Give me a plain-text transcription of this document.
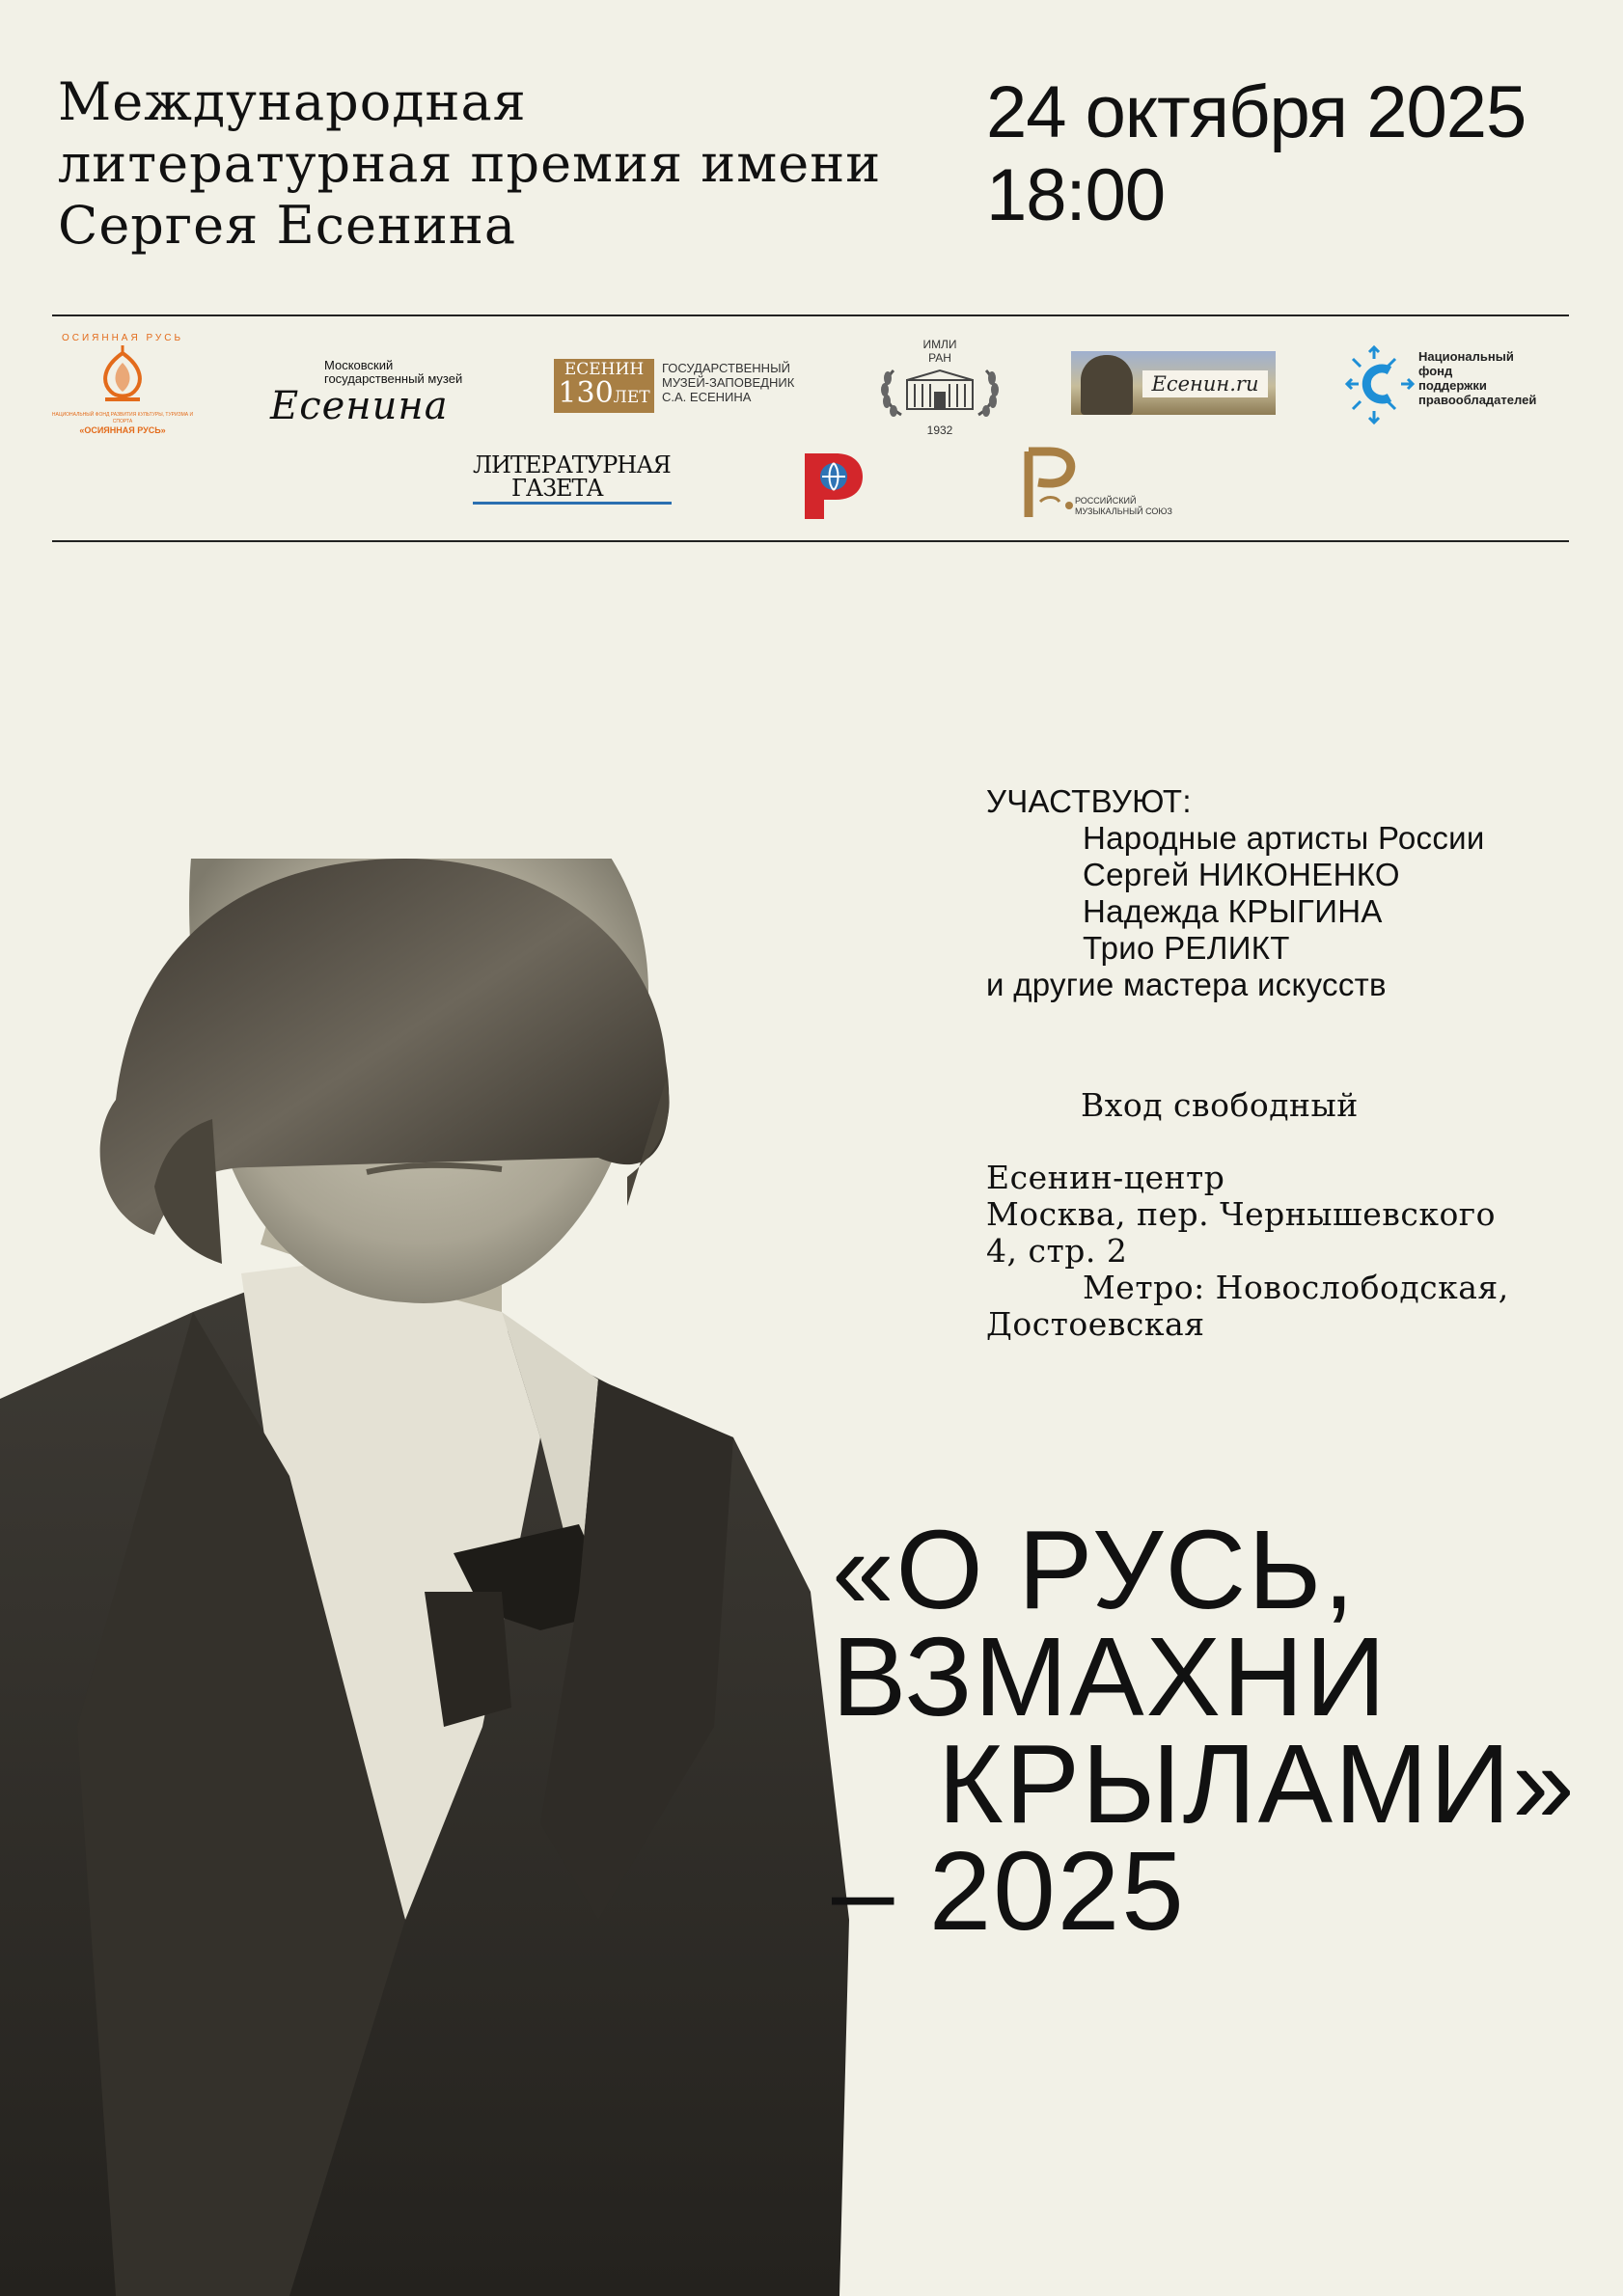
Международная
литературная премия имени
Сергея Есенина
24 октября 2025
18:00
ОСИЯННАЯ РУСЬ
НАЦИОНАЛЬНЫЙ ФОНД РАЗВИТИЯ КУЛЬТУРЫ, ТУРИЗМА И СПОРТА
«ОСИЯННАЯ РУСЬ»
Московский
государственный музей
Есенина
ЕСЕНИН
130ЛЕТ
ГОСУДАРСТВЕННЫЙ
МУЗЕЙ-ЗАПОВЕДНИК
С.А. ЕСЕНИНА
ИМЛИ
РАН
1932
Есенин.ru
Национальный
фонд
поддержки
правообладателей
ЛИТЕРАТУРНАЯ
ГАЗЕТА	РОССИЙСКИЙ
МУЗЫКАЛЬНЫЙ СОЮЗ
УЧАСТВУЮТ:
Народные артисты России
Сергей НИКОНЕНКО
Надежда КРЫГИНА
Трио РЕЛИКТ
и другие мастера искусств
Вход свободный
Есенин-центр
Москва, пер. Чернышевского
4, стр. 2
Метро: Новослободская,
Достоевская
«О РУСЬ,
ВЗМАХНИ
КРЫЛАМИ»
– 2025
